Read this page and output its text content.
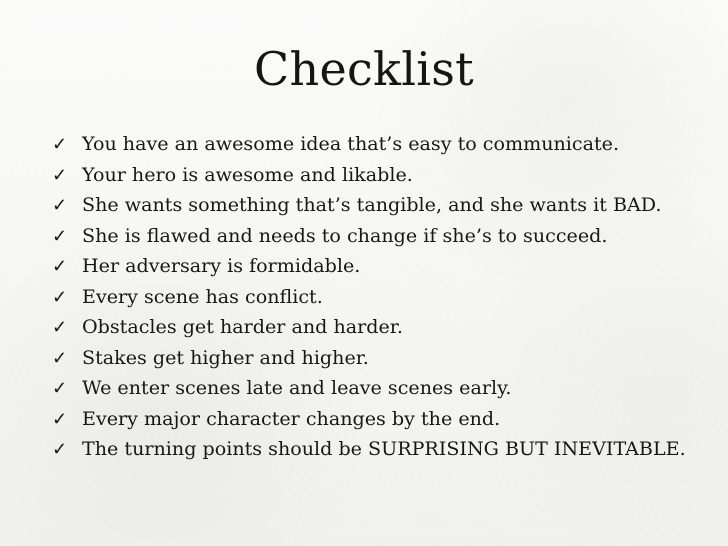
Checklist
✓ You have an awesome idea that’s easy to communicate.
✓ Your hero is awesome and likable.
✓ She wants something that’s tangible, and she wants it BAD.
✓ She is flawed and needs to change if she’s to succeed.
✓ Her adversary is formidable.
✓ Every scene has conflict.
✓ Obstacles get harder and harder.
✓ Stakes get higher and higher.
✓ We enter scenes late and leave scenes early.
✓ Every major character changes by the end.
✓ The turning points should be SURPRISING BUT INEVITABLE.
